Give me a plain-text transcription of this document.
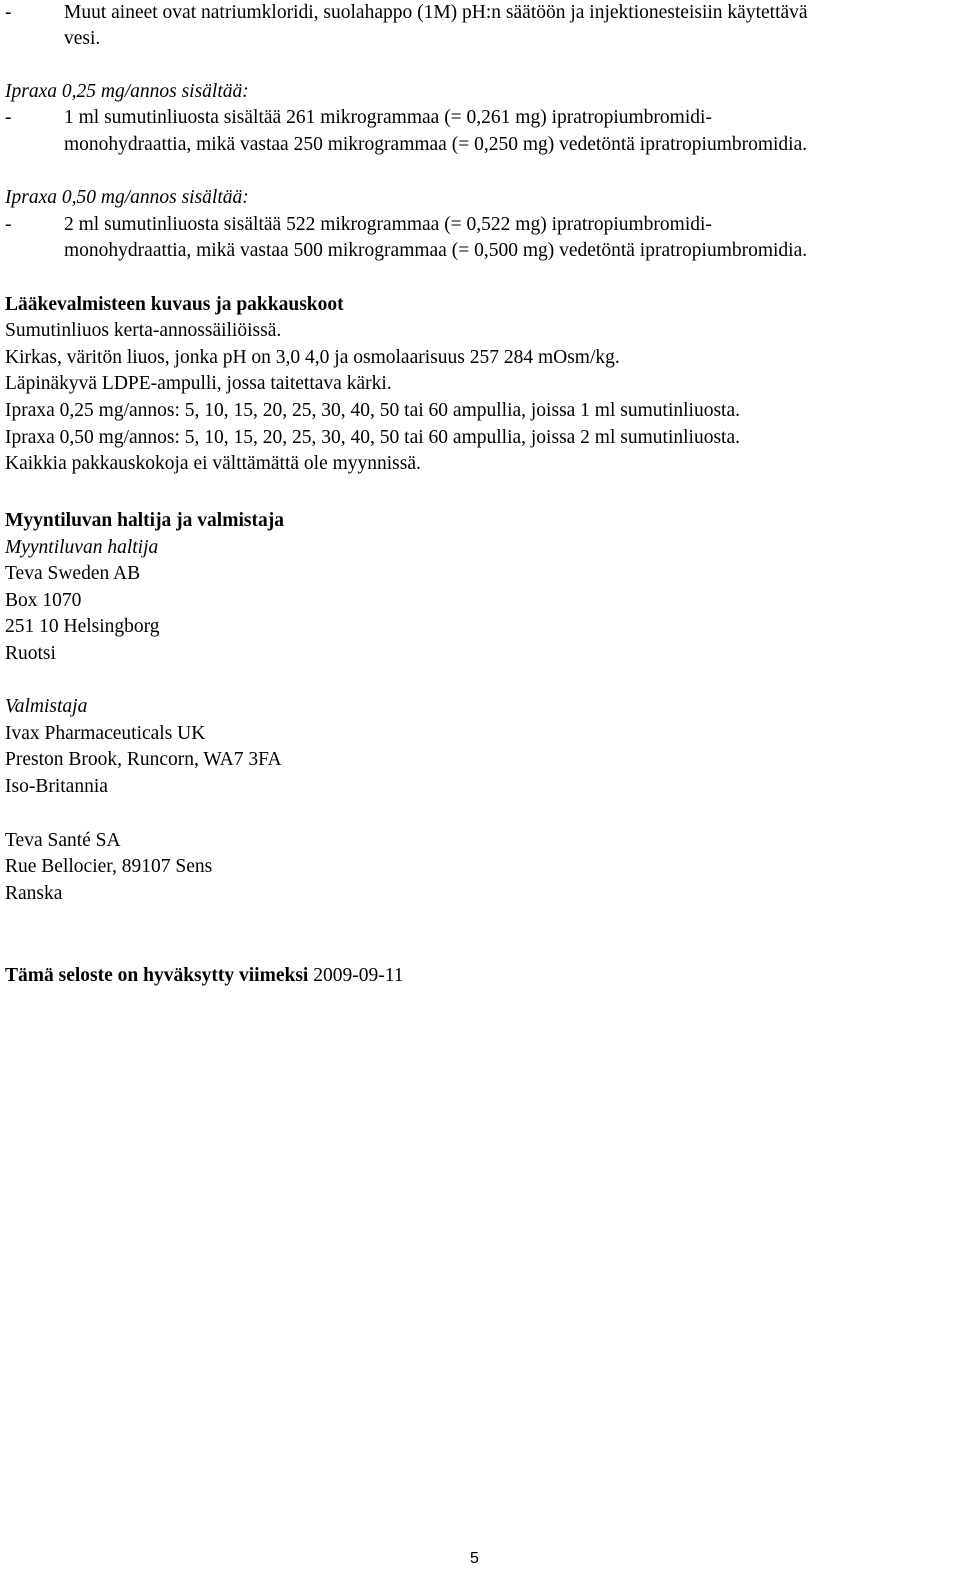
-	Muut aineet ovat natriumkloridi, suolahappo (1M) pH:n säätöön ja injektionesteisiin käytettävä
vesi.
Ipraxa 0,25 mg/annos sisältää:
-	1 ml sumutinliuosta sisältää 261 mikrogrammaa (= 0,261 mg) ipratropiumbromidi-
monohydraattia, mikä vastaa 250 mikrogrammaa (= 0,250 mg) vedetöntä ipratropiumbromidia.
Ipraxa 0,50 mg/annos sisältää:
-	2 ml sumutinliuosta sisältää 522 mikrogrammaa (= 0,522 mg) ipratropiumbromidi-
monohydraattia, mikä vastaa 500 mikrogrammaa (= 0,500 mg) vedetöntä ipratropiumbromidia.
Lääkevalmisteen kuvaus ja pakkauskoot
Sumutinliuos kerta-annossäiliöissä.
Kirkas, väritön liuos, jonka pH on 3,0 4,0 ja osmolaarisuus 257 284 mOsm/kg.
Läpinäkyvä LDPE-ampulli, jossa taitettava kärki.
Ipraxa 0,25 mg/annos: 5, 10, 15, 20, 25, 30, 40, 50 tai 60 ampullia, joissa 1 ml sumutinliuosta.
Ipraxa 0,50 mg/annos: 5, 10, 15, 20, 25, 30, 40, 50 tai 60 ampullia, joissa 2 ml sumutinliuosta.
Kaikkia pakkauskokoja ei välttämättä ole myynnissä.
Myyntiluvan haltija ja valmistaja
Myyntiluvan haltija
Teva Sweden AB
Box 1070
251 10 Helsingborg
Ruotsi
Valmistaja
Ivax Pharmaceuticals UK
Preston Brook, Runcorn, WA7 3FA
Iso-Britannia
Teva Santé SA
Rue Bellocier, 89107 Sens
Ranska
Tämä seloste on hyväksytty viimeksi 2009-09-11
5
